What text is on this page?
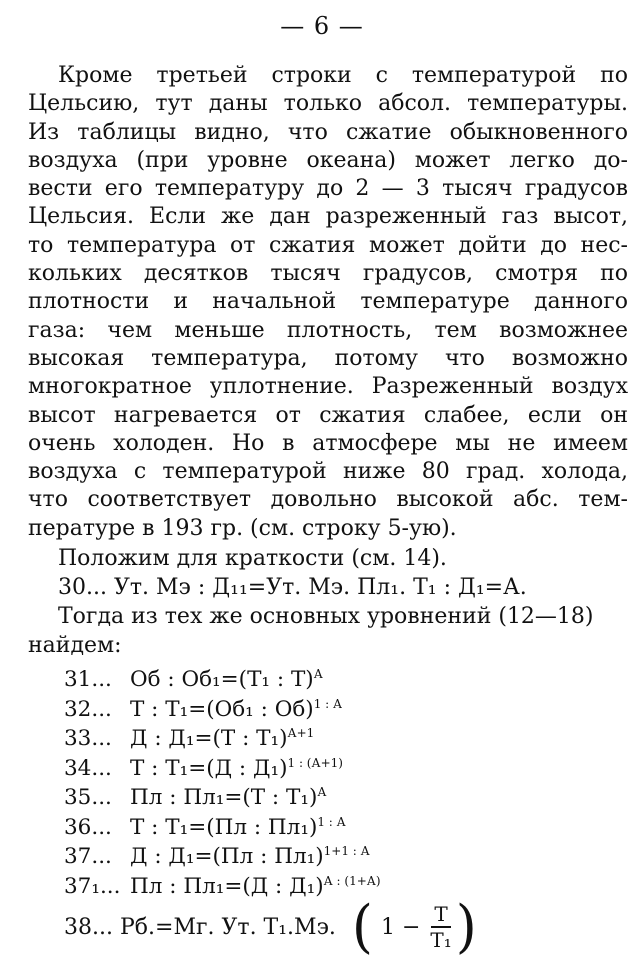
— 6 —
Кроме третьей строки с температурой по
Цельсию, тут даны только абсол. температуры.
Из таблицы видно, что сжатие обыкновенного
воздуха (при уровне океана) может легко до-
вести его температуру до 2 — 3 тысяч градусов
Цельсия. Если же дан разреженный газ высот,
то температура от сжатия может дойти до нес-
кольких десятков тысяч градусов, смотря по
плотности и начальной температуре данного
газа: чем меньше плотность, тем возможнее
высокая температура, потому что возможно
многократное уплотнение. Разреженный воздух
высот нагревается от сжатия слабее, если он
очень холоден. Но в атмосфере мы не имеем
воздуха с температурой ниже 80 град. холода,
что соответствует довольно высокой абс. тем-
пературе в 193 гр. (см. строку 5-ую).
Положим для краткости (см. 14).
30... Ут. Мэ : Д₁₁=Ут. Мэ. Пл₁. Т₁ : Д₁=А.
Тогда из тех же основных уровнений (12—18)
найдем:
31... Об : Об₁=(Т₁ : Т)$^А$
32... Т : Т₁=(Об₁ : Об)$^{1 : А}$
33... Д : Д₁=(Т : Т₁)$^{А+1}$
34... Т : Т₁=(Д : Д₁)$^{1 : (А+1)}$
35... Пл : Пл₁=(Т : Т₁)$^А$
36... Т : Т₁=(Пл : Пл₁)$^{1 : А}$
37... Д : Д₁=(Пл : Пл₁)$^{1+1 : А}$
37₁... Пл : Пл₁=(Д : Д₁)$^{А : (1+А)}$
38... Рб.=Мг. Ут. Т₁.Мэ. ( $1 - \frac{Т}{\text{Т₁}}$ )
